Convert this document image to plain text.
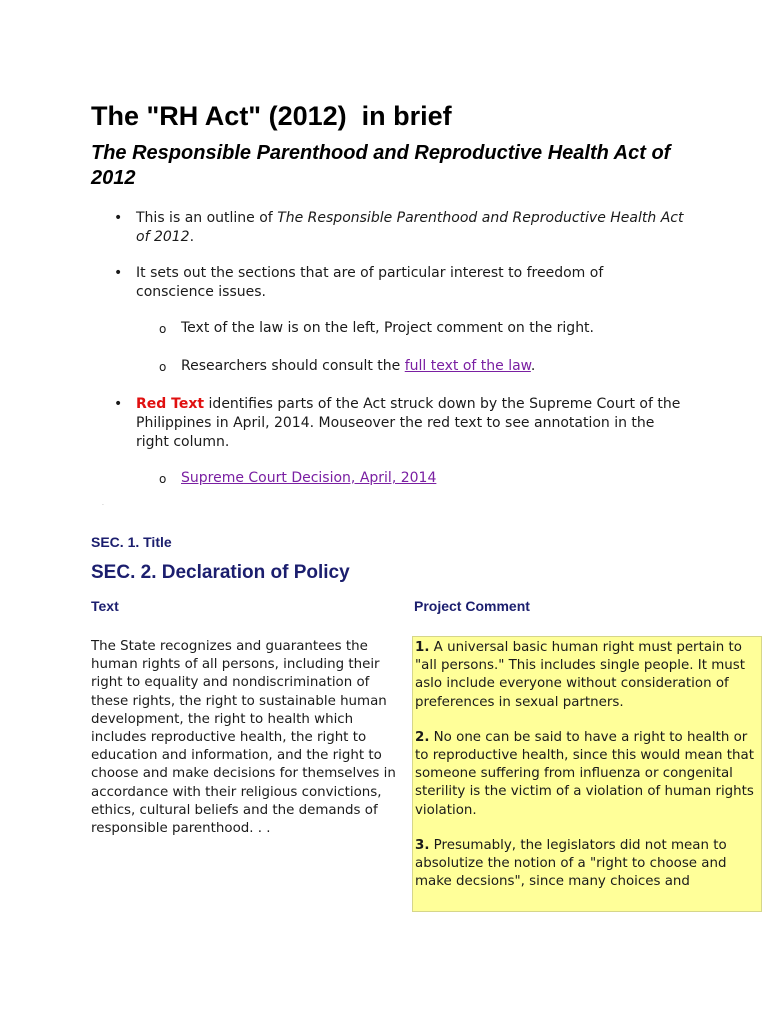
The "RH Act" (2012)  in brief
The Responsible Parenthood and Reproductive Health Act of 2012
• This is an outline of The Responsible Parenthood and Reproductive Health Act of 2012.
• It sets out the sections that are of particular interest to freedom of conscience issues.
o Text of the law is on the left, Project comment on the right.
o Researchers should consult the full text of the law.
• Red Text identifies parts of the Act struck down by the Supreme Court of the Philippines in April, 2014. Mouseover the red text to see annotation in the right column.
o Supreme Court Decision, April, 2014
.
SEC. 1. Title
SEC. 2. Declaration of Policy
Text	Project Comment

The State recognizes and guarantees the human rights of all persons, including their right to equality and nondiscrimination of these rights, the right to sustainable human development, the right to health which includes reproductive health, the right to education and information, and the right to choose and make decisions for themselves in accordance with their religious convictions, ethics, cultural beliefs and the demands of responsible parenthood. . .

1. A universal basic human right must pertain to "all persons." This includes single people. It must aslo include everyone without consideration of preferences in sexual partners.

2. No one can be said to have a right to health or to reproductive health, since this would mean that someone suffering from influenza or congenital sterility is the victim of a violation of human rights violation.

3. Presumably, the legislators did not mean to absolutize the notion of a "right to choose and make decsions", since many choices and
